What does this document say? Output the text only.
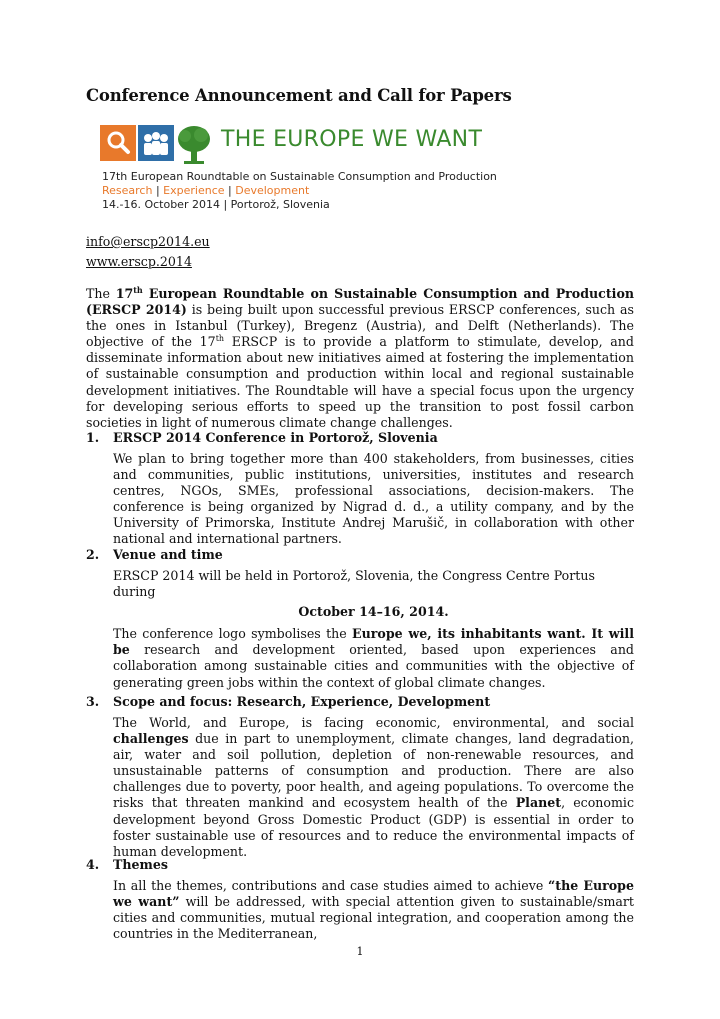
Conference Announcement and Call for Papers
THE EUROPE WE WANT
17th European Roundtable on Sustainable Consumption and Production
Research | Experience | Development
14.-16. October 2014 | Portorož, Slovenia
info@erscp2014.eu
www.erscp.2014
The 17th European Roundtable on Sustainable Consumption and Production (ERSCP 2014) is being built upon successful previous ERSCP conferences, such as the ones in Istanbul (Turkey), Bregenz (Austria), and Delft (Netherlands). The objective of the 17th ERSCP is to provide a platform to stimulate, develop, and disseminate information about new initiatives aimed at fostering the implementation of sustainable consumption and production within local and regional sustainable development initiatives. The Roundtable will have a special focus upon the urgency for developing serious efforts to speed up the transition to post fossil carbon societies in light of numerous climate change challenges.
1.	ERSCP 2014 Conference in Portorož, Slovenia
We plan to bring together more than 400 stakeholders, from businesses, cities and communities, public institutions, universities, institutes and research centres, NGOs, SMEs, professional associations, decision-makers. The conference is being organized by Nigrad d. d., a utility company, and by the University of Primorska, Institute Andrej Marušič, in collaboration with other national and international partners.
2.	Venue and time
ERSCP 2014 will be held in Portorož, Slovenia, the Congress Centre Portus during
October 14–16, 2014.
The conference logo symbolises the Europe we, its inhabitants want. It will be research and development oriented, based upon experiences and collaboration among sustainable cities and communities with the objective of generating green jobs within the context of global climate changes.
3.	Scope and focus: Research, Experience, Development
The World, and Europe, is facing economic, environmental, and social challenges due in part to unemployment, climate changes, land degradation, air, water and soil pollution, depletion of non-renewable resources, and unsustainable patterns of consumption and production. There are also challenges due to poverty, poor health, and ageing populations. To overcome the risks that threaten mankind and ecosystem health of the Planet, economic development beyond Gross Domestic Product (GDP) is essential in order to foster sustainable use of resources and to reduce the environmental impacts of human development.
4.	Themes
In all the themes, contributions and case studies aimed to achieve “the Europe we want” will be addressed, with special attention given to sustainable/smart cities and communities, mutual regional integration, and cooperation among the countries in the Mediterranean,
1
